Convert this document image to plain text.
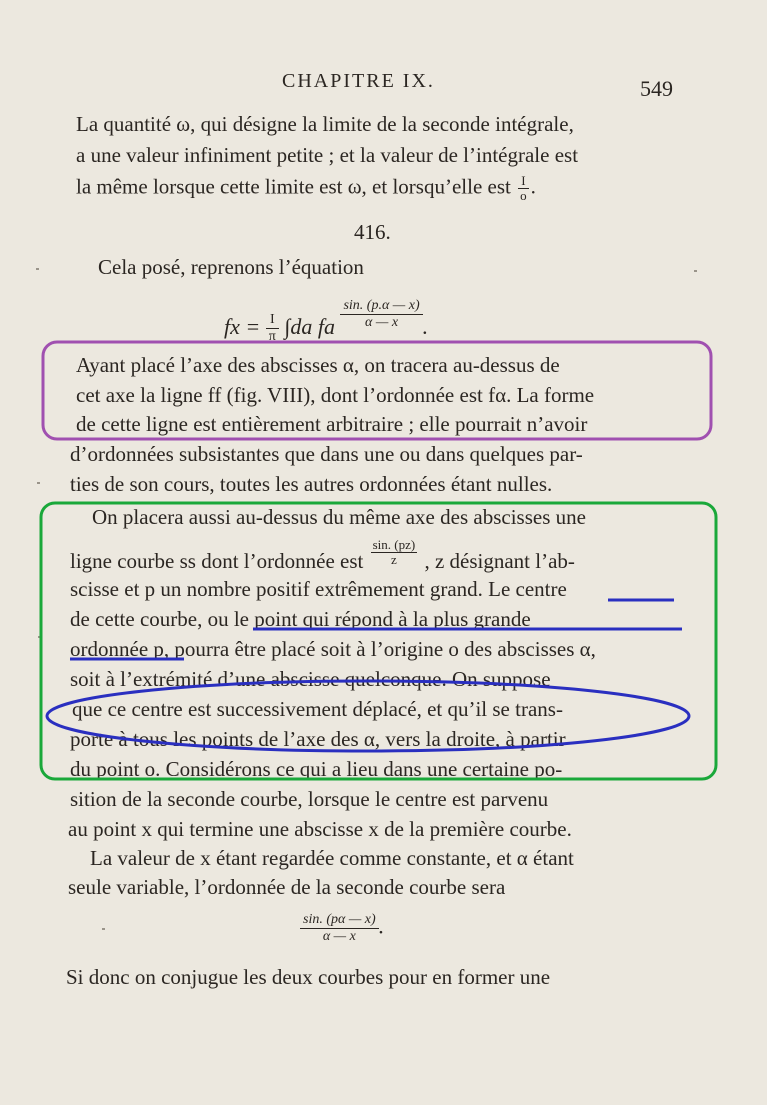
CHAPITRE IX.	549
La quantité ω, qui désigne la limite de la seconde intégrale,
a une valeur infiniment petite ; et la valeur de l’intégrale est
la même lorsque cette limite est ω, et lorsqu’elle est $\frac{I}{o}$ .
416.
Cela posé, reprenons l’équation
fx = $\frac{I}{\pi} \int da$ fa $\frac{\sin. (p.\alpha — x)}{\alpha — x}$ .
Ayant placé l’axe des abscisses α, on tracera au-dessus de
cet axe la ligne ff (fig. VIII), dont l’ordonnée est fα. La forme
de cette ligne est entièrement arbitraire ; elle pourrait n’avoir
d’ordonnées subsistantes que dans une ou dans quelques par-
ties de son cours, toutes les autres ordonnées étant nulles.
On placera aussi au-dessus du même axe des abscisses une
ligne courbe ss dont l’ordonnée est $\frac{\sin. (pz)}{z}$ , z désignant l’ab-
scisse et p un nombre positif extrêmement grand. Le centre
de cette courbe, ou le point qui répond à la plus grande
ordonnée p, pourra être placé soit à l’origine o des abscisses α,
soit à l’extrémité d’une abscisse quelconque. On suppose
que ce centre est successivement déplacé, et qu’il se trans-
porte à tous les points de l’axe des α, vers la droite, à partir
du point o. Considérons ce qui a lieu dans une certaine po-
sition de la seconde courbe, lorsque le centre est parvenu
au point x qui termine une abscisse x de la première courbe.
La valeur de x étant regardée comme constante, et α étant
seule variable, l’ordonnée de la seconde courbe sera
$\frac{\sin. (p\alpha — x)}{\alpha — x}$ .
Si donc on conjugue les deux courbes pour en former une
